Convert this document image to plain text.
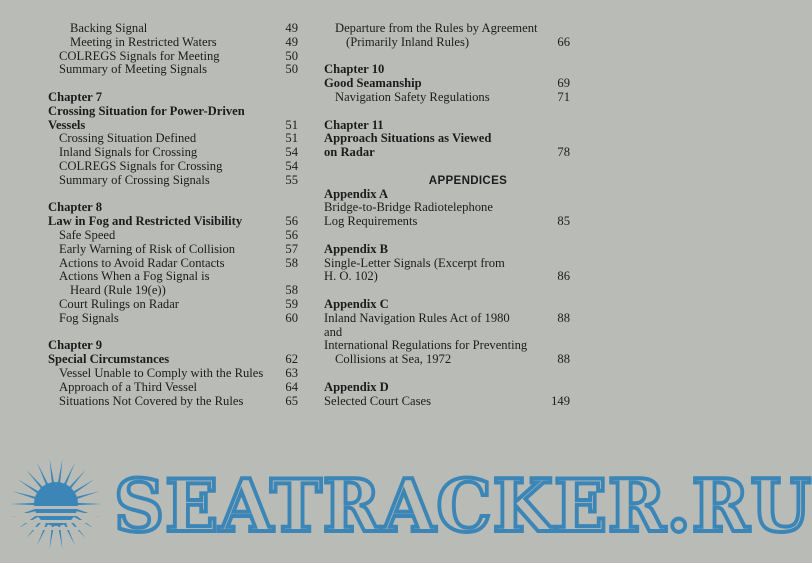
Backing Signal	49
Meeting in Restricted Waters	49
COLREGS Signals for Meeting	50
Summary of Meeting Signals	50
Chapter 7
Crossing Situation for Power-Driven
Vessels	51
Crossing Situation Defined	51
Inland Signals for Crossing	54
COLREGS Signals for Crossing	54
Summary of Crossing Signals	55
Chapter 8
Law in Fog and Restricted Visibility	56
Safe Speed	56
Early Warning of Risk of Collision	57
Actions to Avoid Radar Contacts	58
Actions When a Fog Signal is
Heard (Rule 19(e))	58
Court Rulings on Radar	59
Fog Signals	60
Chapter 9
Special Circumstances	62
Vessel Unable to Comply with the Rules 63
Approach of a Third Vessel	64
Situations Not Covered by the Rules	65
Departure from the Rules by Agreement
(Primarily Inland Rules)	66
Chapter 10
Good Seamanship	69
Navigation Safety Regulations	71
Chapter 11
Approach Situations as Viewed
on Radar	78
APPENDICES
Appendix A
Bridge-to-Bridge Radiotelephone
Log Requirements	85
Appendix B
Single-Letter Signals (Excerpt from
H. O. 102)	86
Appendix C
Inland Navigation Rules Act of 1980	88
and
International Regulations for Preventing
Collisions at Sea, 1972	88
Appendix D
Selected Court Cases	149
SEATRACKER.RU
